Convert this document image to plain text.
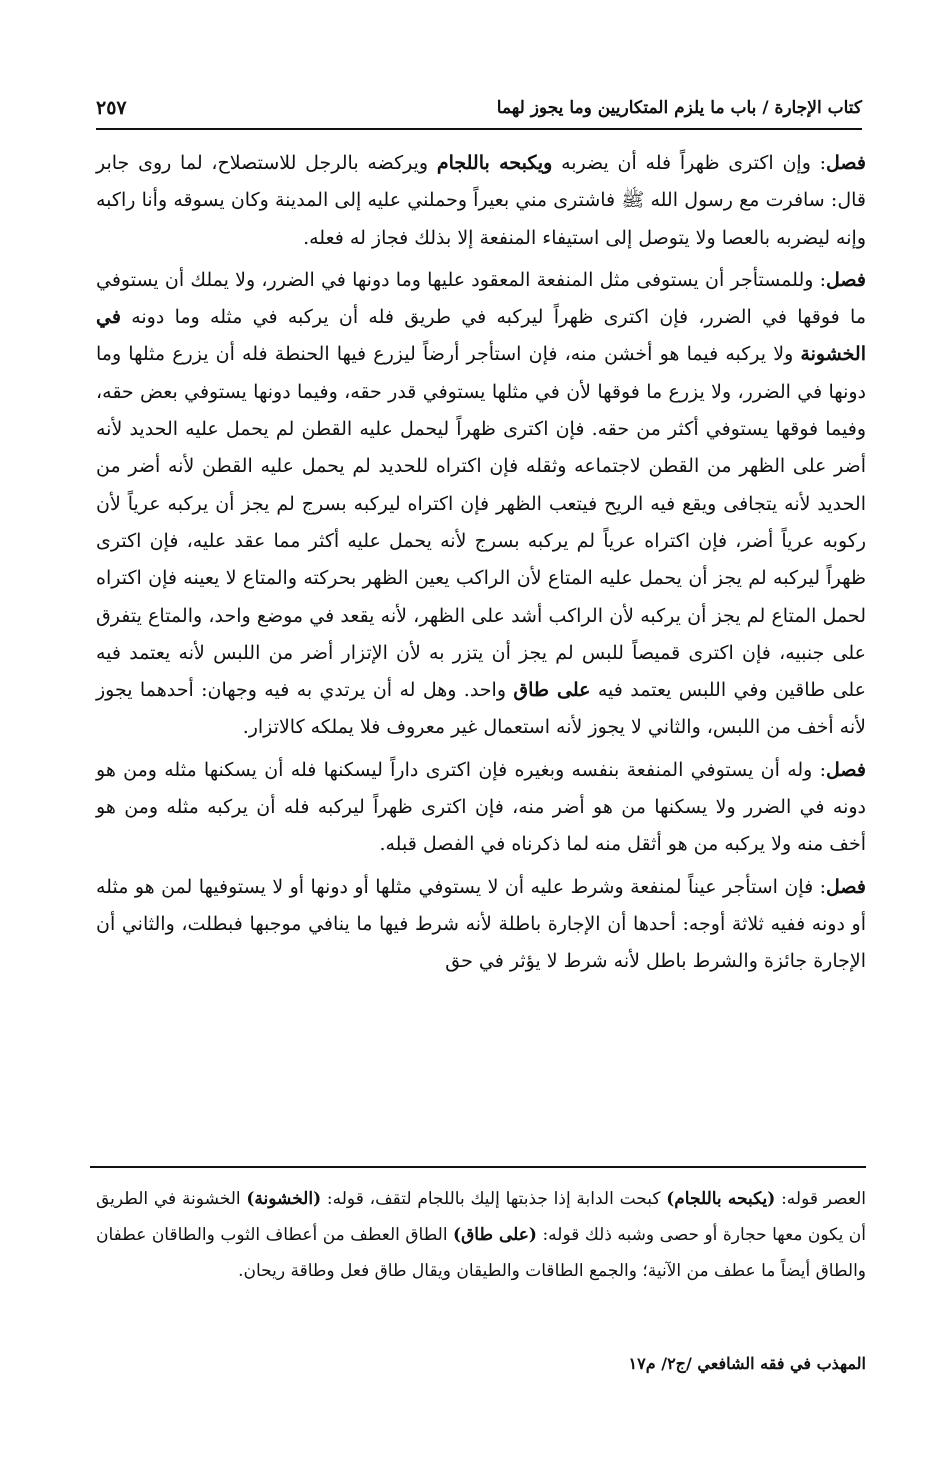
كتاب الإجارة / باب ما يلزم المتكاريين وما يجوز لهما
٢٥٧

فصل: وإن اكترى ظهراً فله أن يضربه ويكبحه باللجام ويركضه بالرجل للاستصلاح، لما روى جابر قال: سافرت مع رسول الله ﷺ فاشترى مني بعيراً وحملني عليه إلى المدينة وكان يسوقه وأنا راكبه وإنه ليضربه بالعصا ولا يتوصل إلى استيفاء المنفعة إلا بذلك فجاز له فعله.

فصل: وللمستأجر أن يستوفى مثل المنفعة المعقود عليها وما دونها في الضرر، ولا يملك أن يستوفي ما فوقها في الضرر، فإن اكترى ظهراً ليركبه في طريق فله أن يركبه في مثله وما دونه في الخشونة ولا يركبه فيما هو أخشن منه، فإن استأجر أرضاً ليزرع فيها الحنطة فله أن يزرع مثلها وما دونها في الضرر، ولا يزرع ما فوقها لأن في مثلها يستوفي قدر حقه، وفيما دونها يستوفي بعض حقه، وفيما فوقها يستوفي أكثر من حقه. فإن اكترى ظهراً ليحمل عليه القطن لم يحمل عليه الحديد لأنه أضر على الظهر من القطن لاجتماعه وثقله فإن اكتراه للحديد لم يحمل عليه القطن لأنه أضر من الحديد لأنه يتجافى ويقع فيه الريح فيتعب الظهر فإن اكتراه ليركبه بسرج لم يجز أن يركبه عرياً لأن ركوبه عرياً أضر، فإن اكتراه عرياً لم يركبه بسرج لأنه يحمل عليه أكثر مما عقد عليه، فإن اكترى ظهراً ليركبه لم يجز أن يحمل عليه المتاع لأن الراكب يعين الظهر بحركته والمتاع لا يعينه فإن اكتراه لحمل المتاع لم يجز أن يركبه لأن الراكب أشد على الظهر، لأنه يقعد في موضع واحد، والمتاع يتفرق على جنبيه، فإن اكترى قميصاً للبس لم يجز أن يتزر به لأن الإتزار أضر من اللبس لأنه يعتمد فيه على طاقين وفي اللبس يعتمد فيه على طاق واحد. وهل له أن يرتدي به فيه وجهان: أحدهما يجوز لأنه أخف من اللبس، والثاني لا يجوز لأنه استعمال غير معروف فلا يملكه كالاتزار.

فصل: وله أن يستوفي المنفعة بنفسه وبغيره فإن اكترى داراً ليسكنها فله أن يسكنها مثله ومن هو دونه في الضرر ولا يسكنها من هو أضر منه، فإن اكترى ظهراً ليركبه فله أن يركبه مثله ومن هو أخف منه ولا يركبه من هو أثقل منه لما ذكرناه في الفصل قبله.

فصل: فإن استأجر عيناً لمنفعة وشرط عليه أن لا يستوفي مثلها أو دونها أو لا يستوفيها لمن هو مثله أو دونه ففيه ثلاثة أوجه: أحدها أن الإجارة باطلة لأنه شرط فيها ما ينافي موجبها فبطلت، والثاني أن الإجارة جائزة والشرط باطل لأنه شرط لا يؤثر في حق

العصر قوله: (يكبحه باللجام) كبحت الدابة إذا جذبتها إليك باللجام لتقف، قوله: (الخشونة) الخشونة في الطريق أن يكون معها حجارة أو حصى وشبه ذلك قوله: (على طاق) الطاق العطف من أعطاف الثوب والطاقان عطفان والطاق أيضاً ما عطف من الآنية؛ والجمع الطاقات والطيقان ويقال طاق فعل وطاقة ريحان.

المهذب في فقه الشافعي /ج٢/ م١٧
